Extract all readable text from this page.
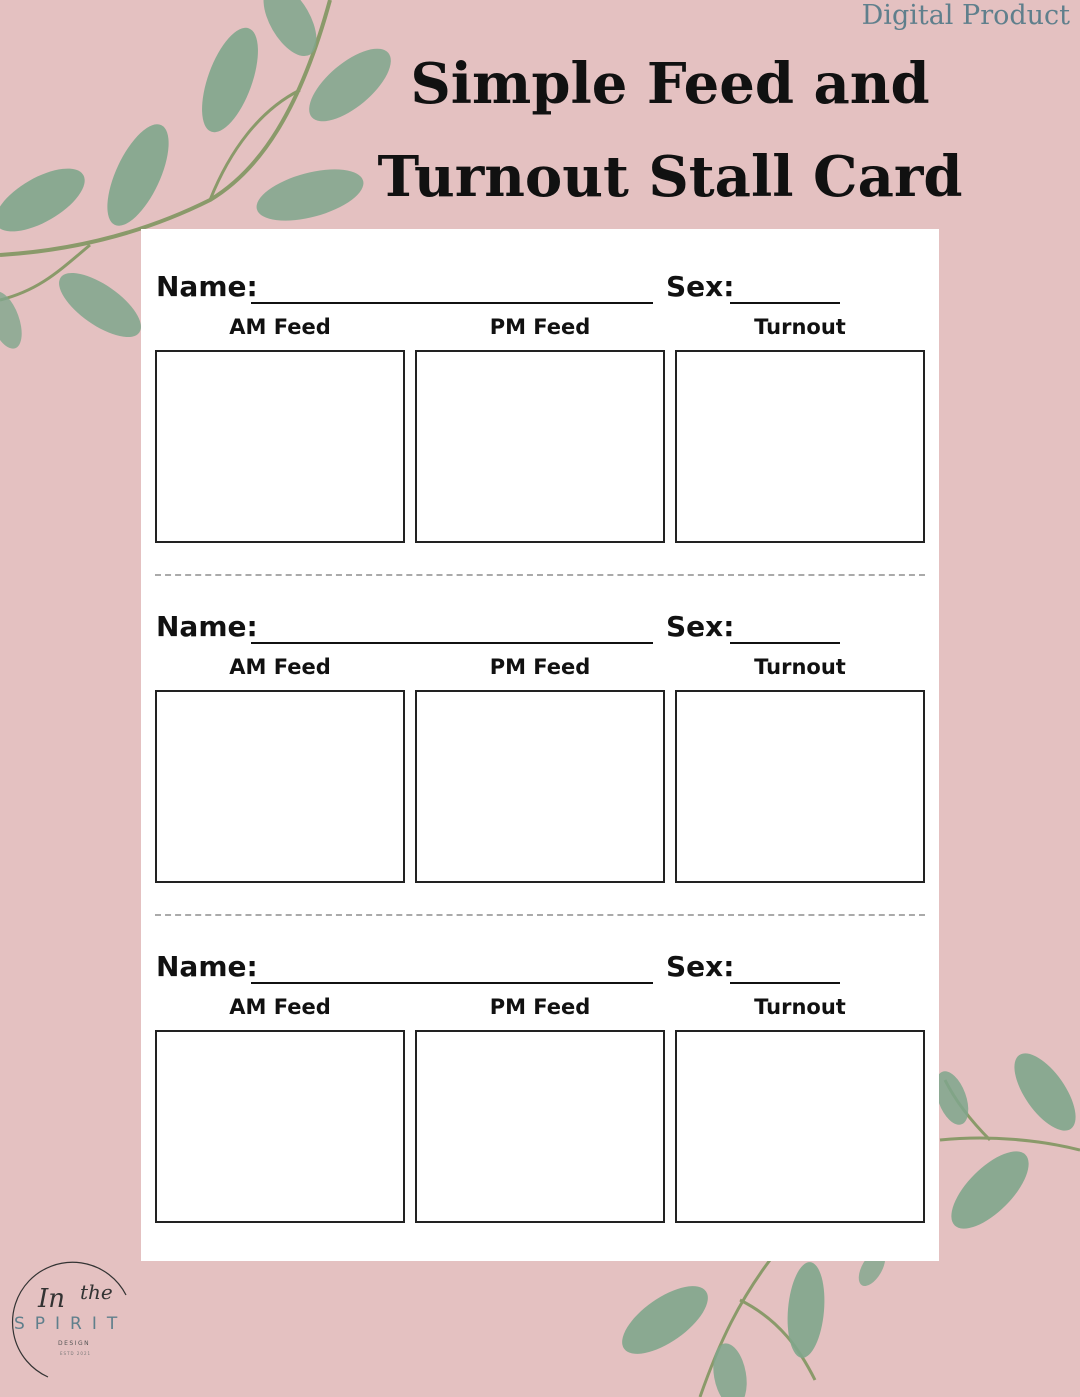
Digital Product
Simple Feed and
Turnout Stall Card
Name:	Sex:
AM Feed	PM Feed	Turnout
Name:	Sex:
AM Feed	PM Feed	Turnout
Name:	Sex:
AM Feed	PM Feed	Turnout
In the
SPIRIT
DESIGN
ESTD 2021
